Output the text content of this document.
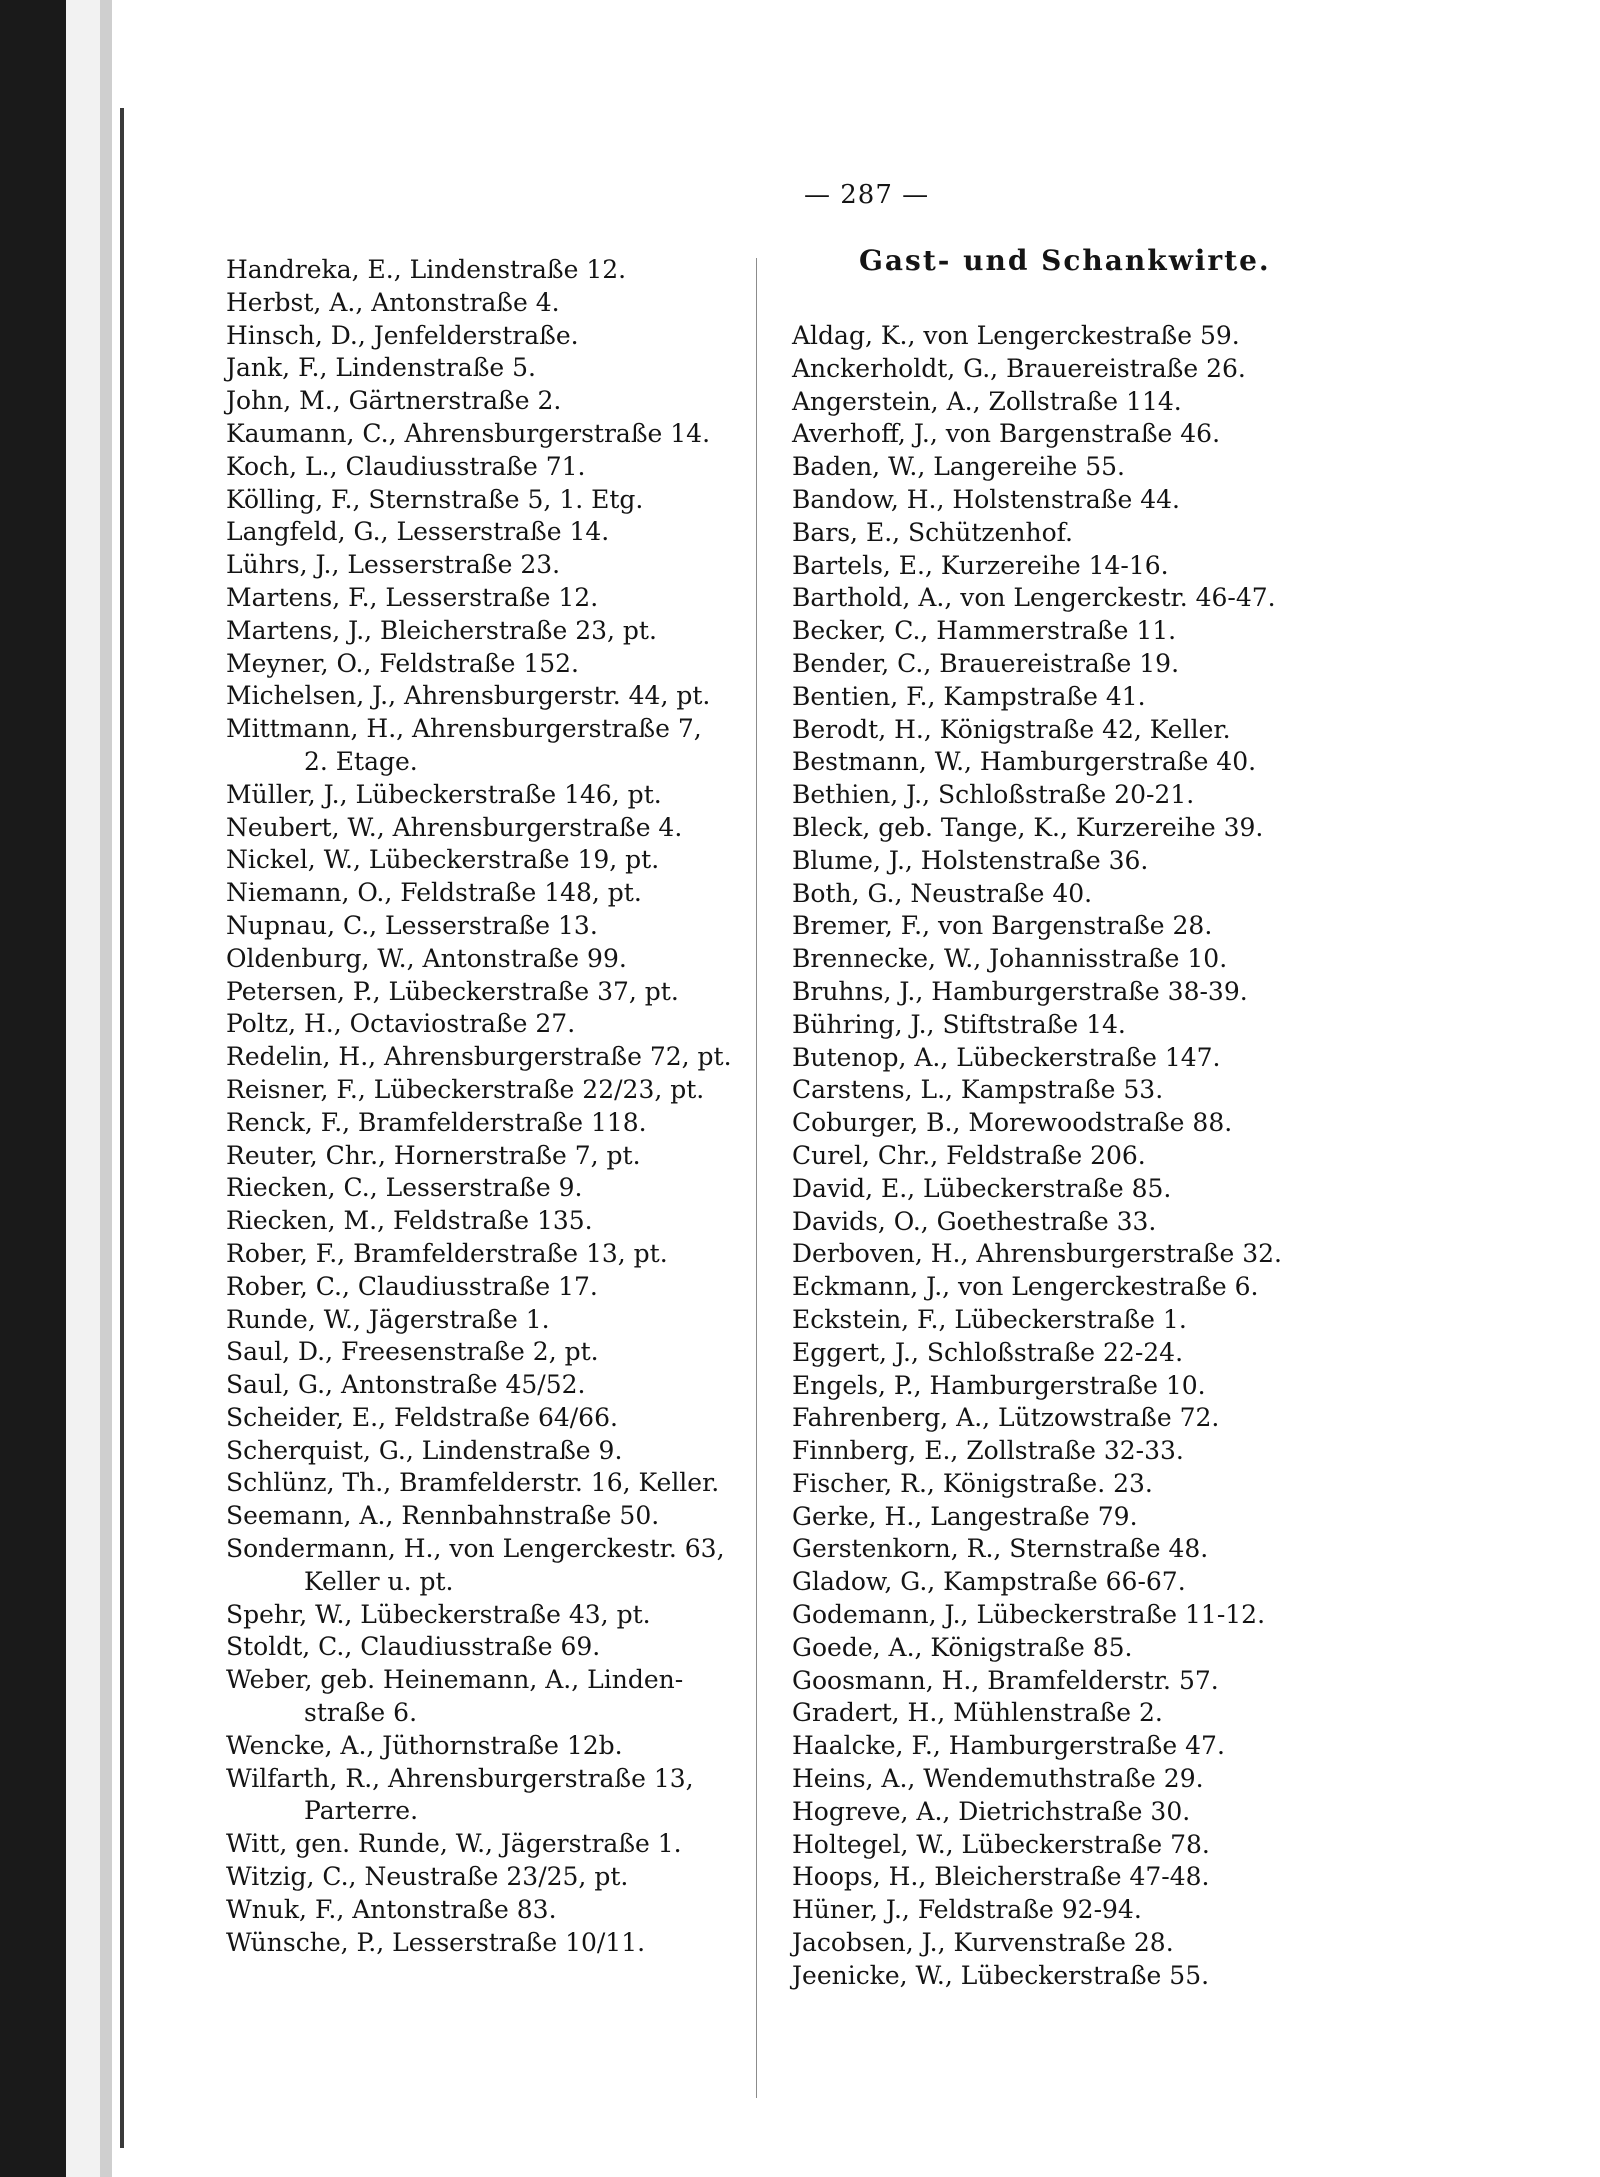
— 287 —
Gast- und Schankwirte.
Handreka, E., Lindenstraße 12.
Herbst, A., Antonstraße 4.
Hinsch, D., Jenfelderstraße.
Jank, F., Lindenstraße 5.
John, M., Gärtnerstraße 2.
Kaumann, C., Ahrensburgerstraße 14.
Koch, L., Claudiusstraße 71.
Kölling, F., Sternstraße 5, 1. Etg.
Langfeld, G., Lesserstraße 14.
Lührs, J., Lesserstraße 23.
Martens, F., Lesserstraße 12.
Martens, J., Bleicherstraße 23, pt.
Meyner, O., Feldstraße 152.
Michelsen, J., Ahrensburgerstr. 44, pt.
Mittmann, H., Ahrensburgerstraße 7,
2. Etage.
Müller, J., Lübeckerstraße 146, pt.
Neubert, W., Ahrensburgerstraße 4.
Nickel, W., Lübeckerstraße 19, pt.
Niemann, O., Feldstraße 148, pt.
Nupnau, C., Lesserstraße 13.
Oldenburg, W., Antonstraße 99.
Petersen, P., Lübeckerstraße 37, pt.
Poltz, H., Octaviostraße 27.
Redelin, H., Ahrensburgerstraße 72, pt.
Reisner, F., Lübeckerstraße 22/23, pt.
Renck, F., Bramfelderstraße 118.
Reuter, Chr., Hornerstraße 7, pt.
Riecken, C., Lesserstraße 9.
Riecken, M., Feldstraße 135.
Rober, F., Bramfelderstraße 13, pt.
Rober, C., Claudiusstraße 17.
Runde, W., Jägerstraße 1.
Saul, D., Freesenstraße 2, pt.
Saul, G., Antonstraße 45/52.
Scheider, E., Feldstraße 64/66.
Scherquist, G., Lindenstraße 9.
Schlünz, Th., Bramfelderstr. 16, Keller.
Seemann, A., Rennbahnstraße 50.
Sondermann, H., von Lengerckestr. 63,
Keller u. pt.
Spehr, W., Lübeckerstraße 43, pt.
Stoldt, C., Claudiusstraße 69.
Weber, geb. Heinemann, A., Linden-
straße 6.
Wencke, A., Jüthornstraße 12b.
Wilfarth, R., Ahrensburgerstraße 13,
Parterre.
Witt, gen. Runde, W., Jägerstraße 1.
Witzig, C., Neustraße 23/25, pt.
Wnuk, F., Antonstraße 83.
Wünsche, P., Lesserstraße 10/11.
Aldag, K., von Lengerckestraße 59.
Anckerholdt, G., Brauereistraße 26.
Angerstein, A., Zollstraße 114.
Averhoff, J., von Bargenstraße 46.
Baden, W., Langereihe 55.
Bandow, H., Holstenstraße 44.
Bars, E., Schützenhof.
Bartels, E., Kurzereihe 14-16.
Barthold, A., von Lengerckestr. 46-47.
Becker, C., Hammerstraße 11.
Bender, C., Brauereistraße 19.
Bentien, F., Kampstraße 41.
Berodt, H., Königstraße 42, Keller.
Bestmann, W., Hamburgerstraße 40.
Bethien, J., Schloßstraße 20-21.
Bleck, geb. Tange, K., Kurzereihe 39.
Blume, J., Holstenstraße 36.
Both, G., Neustraße 40.
Bremer, F., von Bargenstraße 28.
Brennecke, W., Johannisstraße 10.
Bruhns, J., Hamburgerstraße 38-39.
Bühring, J., Stiftstraße 14.
Butenop, A., Lübeckerstraße 147.
Carstens, L., Kampstraße 53.
Coburger, B., Morewoodstraße 88.
Curel, Chr., Feldstraße 206.
David, E., Lübeckerstraße 85.
Davids, O., Goethestraße 33.
Derboven, H., Ahrensburgerstraße 32.
Eckmann, J., von Lengerckestraße 6.
Eckstein, F., Lübeckerstraße 1.
Eggert, J., Schloßstraße 22-24.
Engels, P., Hamburgerstraße 10.
Fahrenberg, A., Lützowstraße 72.
Finnberg, E., Zollstraße 32-33.
Fischer, R., Königstraße. 23.
Gerke, H., Langestraße 79.
Gerstenkorn, R., Sternstraße 48.
Gladow, G., Kampstraße 66-67.
Godemann, J., Lübeckerstraße 11-12.
Goede, A., Königstraße 85.
Goosmann, H., Bramfelderstr. 57.
Gradert, H., Mühlenstraße 2.
Haalcke, F., Hamburgerstraße 47.
Heins, A., Wendemuthstraße 29.
Hogreve, A., Dietrichstraße 30.
Holtegel, W., Lübeckerstraße 78.
Hoops, H., Bleicherstraße 47-48.
Hüner, J., Feldstraße 92-94.
Jacobsen, J., Kurvenstraße 28.
Jeenicke, W., Lübeckerstraße 55.
